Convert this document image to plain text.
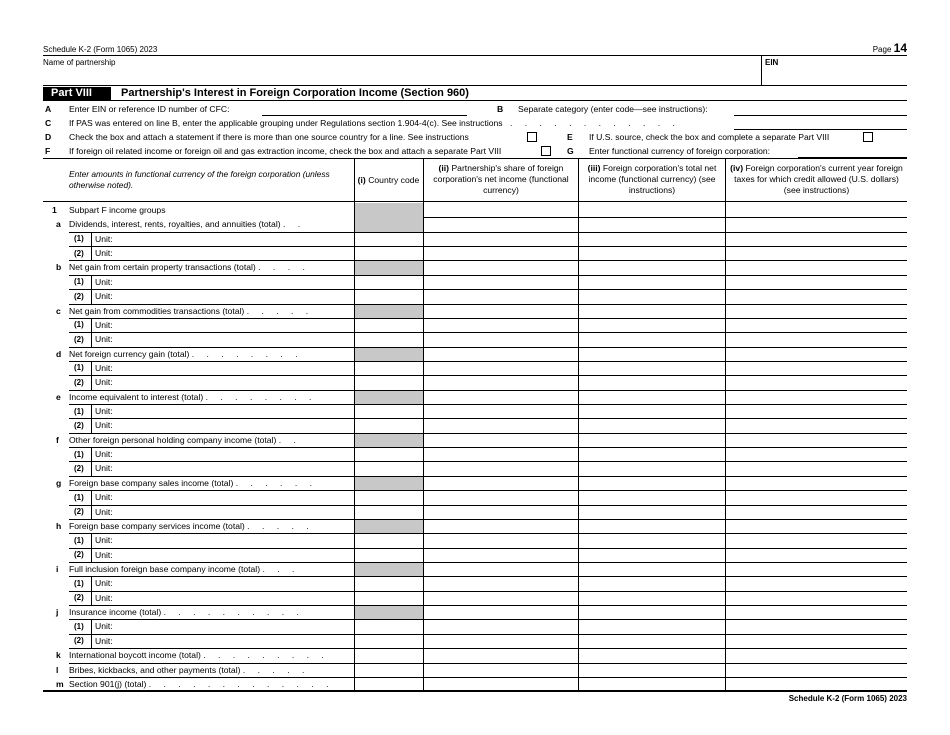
Schedule K-2 (Form 1065) 2023	Page 14
Name of partnership	EIN
Part VIII	Partnership's Interest in Foreign Corporation Income (Section 960)
A Enter EIN or reference ID number of CFC:	B Separate category (enter code—see instructions):
C If PAS was entered on line B, enter the applicable grouping under Regulations section 1.904-4(c). See instructions . . . . . . . . . . . .
D Check the box and attach a statement if there is more than one source country for a line. See instructions	E If U.S. source, check the box and complete a separate Part VIII
F If foreign oil related income or foreign oil and gas extraction income, check the box and attach a separate Part VIII	G Enter functional currency of foreign corporation:
Enter amounts in functional currency of the foreign corporation (unless otherwise noted).	(i) Country code
(ii) Partnership's share of foreign corporation's net income (functional currency)
(iii) Foreign corporation's total net income (functional currency) (see instructions)
(iv) Foreign corporation's current year foreign taxes for which credit allowed (U.S. dollars) (see instructions)
1 Subpart F income groups
a Dividends, interest, rents, royalties, and annuities (total) . .
(1) Unit:
(2) Unit:
b Net gain from certain property transactions (total) . . . .
(1) Unit:
(2) Unit:
c Net gain from commodities transactions (total) . . . . .
(1) Unit:
(2) Unit:
d Net foreign currency gain (total) . . . . . . . .
(1) Unit:
(2) Unit:
e Income equivalent to interest (total) . . . . . . . .
(1) Unit:
(2) Unit:
f Other foreign personal holding company income (total) . .
(1) Unit:
(2) Unit:
g Foreign base company sales income (total) . . . . . .
(1) Unit:
(2) Unit:
h Foreign base company services income (total) . . . . .
(1) Unit:
(2) Unit:
i Full inclusion foreign base company income (total) . . .
(1) Unit:
(2) Unit:
j Insurance income (total) . . . . . . . . . .
(1) Unit:
(2) Unit:
k International boycott income (total) . . . . . . . . .
l Bribes, kickbacks, and other payments (total) . . . . .
m Section 901(j) (total) . . . . . . . . . . . . .
Schedule K-2 (Form 1065) 2023
